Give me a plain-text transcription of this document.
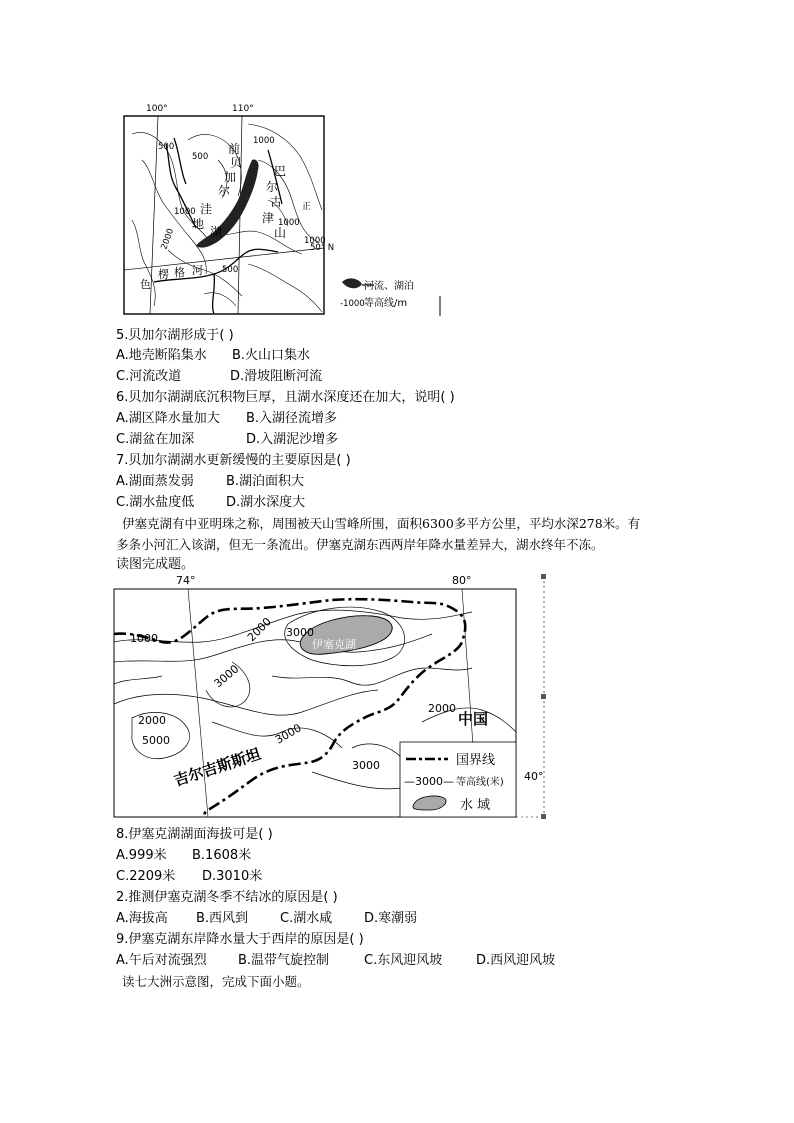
100°	110°
500
500
1000
1000
1000
2000	1000
500
前
贝
加
尔
洼
地
湖
巴
尔
古
津
山
正
色
楞 格 河
50° N
河流、湖泊
-1000-
等高线/m
5.贝加尔湖形成于( )
A.地壳断陷集水 B.火山口集水
C.河流改道	D.滑坡阻断河流
6.贝加尔湖湖底沉积物巨厚，且湖水深度还在加大，说明( )
A.湖区降水量加大 B.入湖径流增多
C.湖盆在加深	D.入湖泥沙增多
7.贝加尔湖湖水更新缓慢的主要原因是( )
A.湖面蒸发弱 B.湖泊面积大
C.湖水盐度低 D.湖水深度大
伊塞克湖有中亚明珠之称，周围被天山雪峰所围，面积6300多平方公里，平均水深278米。有
多条小河汇入该湖，但无一条流出。伊塞克湖东西两岸年降水量差异大，湖水终年不冻。
读图完成题。
74°	80°
40°
伊塞克湖
1000	2000 3000
3000
2000
2000
5000	3000
3000
中国
吉尔吉斯斯坦	国界线
—3000— 等高线(米)
水 域
8.伊塞克湖湖面海拔可是( )
A.999米 B.1608米
C.2209米 D.3010米
2.推测伊塞克湖冬季不结冰的原因是( )
A.海拔高 B.西风到 C.湖水咸 D.寒潮弱
9.伊塞克湖东岸降水量大于西岸的原因是( )
A.午后对流强烈 B.温带气旋控制	C.东风迎风坡	D.西风迎风坡
读七大洲示意图，完成下面小题。
